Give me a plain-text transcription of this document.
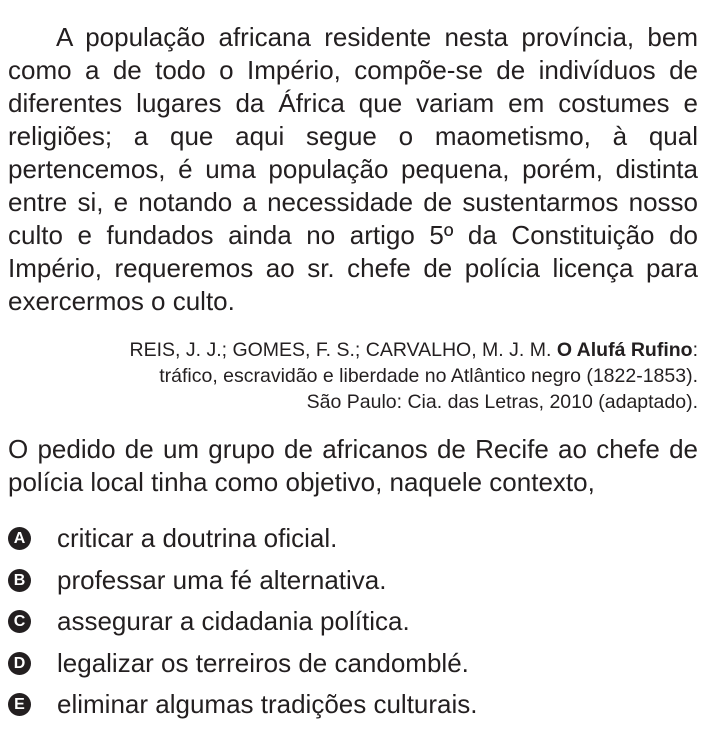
A população africana residente nesta província, bem como a de todo o Império, compõe-se de indivíduos de diferentes lugares da África que variam em costumes e religiões; a que aqui segue o maometismo, à qual pertencemos, é uma população pequena, porém, distinta entre si, e notando a necessidade de sustentarmos nosso culto e fundados ainda no artigo 5º da Constituição do Império, requeremos ao sr. chefe de polícia licença para exercermos o culto.

REIS, J. J.; GOMES, F. S.; CARVALHO, M. J. M. O Alufá Rufino:
tráfico, escravidão e liberdade no Atlântico negro (1822-1853).
São Paulo: Cia. das Letras, 2010 (adaptado).

O pedido de um grupo de africanos de Recife ao chefe de polícia local tinha como objetivo, naquele contexto,

A criticar a doutrina oficial.
B professar uma fé alternativa.
C assegurar a cidadania política.
D legalizar os terreiros de candomblé.
E eliminar algumas tradições culturais.
